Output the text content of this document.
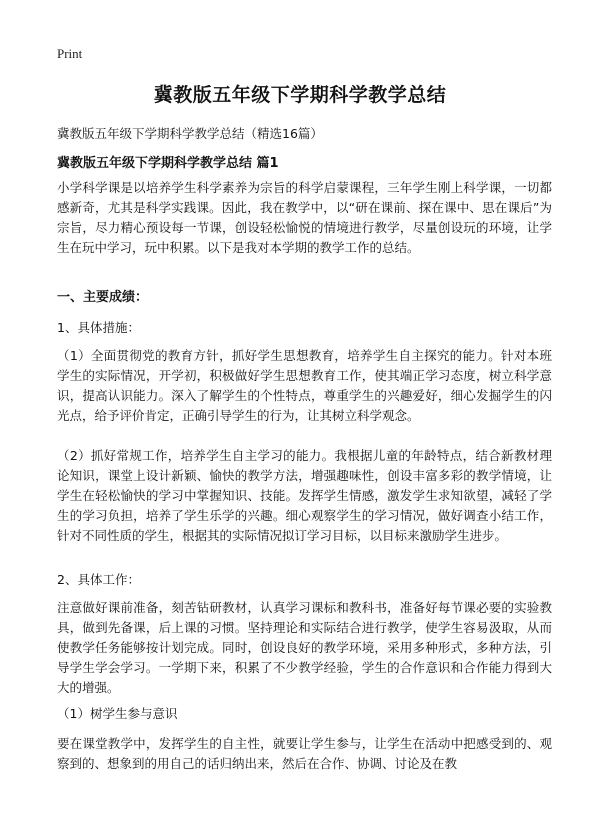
Print
冀教版五年级下学期科学教学总结
冀教版五年级下学期科学教学总结（精选16篇）
冀教版五年级下学期科学教学总结 篇1

小学科学课是以培养学生科学素养为宗旨的科学启蒙课程，三年学生刚上科学课，一切都感新奇，尤其是科学实践课。因此，我在教学中，以“研在课前、探在课中、思在课后”为宗旨，尽力精心预设每一节课，创设轻松愉悦的情境进行教学，尽量创设玩的环境，让学生在玩中学习，玩中积累。以下是我对本学期的教学工作的总结。

一、主要成绩：
1、具体措施：

（1）全面贯彻党的教育方针，抓好学生思想教育，培养学生自主探究的能力。针对本班学生的实际情况，开学初，积极做好学生思想教育工作，使其端正学习态度，树立科学意识，提高认识能力。深入了解学生的个性特点，尊重学生的兴趣爱好，细心发掘学生的闪光点，给予评价肯定，正确引导学生的行为，让其树立科学观念。

（2）抓好常规工作，培养学生自主学习的能力。我根据儿童的年龄特点，结合新教材理论知识，课堂上设计新颖、愉快的教学方法，增强趣味性，创设丰富多彩的教学情境，让学生在轻松愉快的学习中掌握知识、技能。发挥学生情感，激发学生求知欲望，减轻了学生的学习负担，培养了学生乐学的兴趣。细心观察学生的学习情况，做好调查小结工作，针对不同性质的学生，根据其的实际情况拟订学习目标，以目标来激励学生进步。

2、具体工作：

注意做好课前准备，刻苦钻研教材，认真学习课标和教科书，准备好每节课必要的实验教具，做到先备课，后上课的习惯。坚持理论和实际结合进行教学，使学生容易汲取，从而使教学任务能够按计划完成。同时，创设良好的教学环境，采用多种形式，多种方法，引导学生学会学习。一学期下来，积累了不少教学经验，学生的合作意识和合作能力得到大大的增强。

（1）树学生参与意识

要在课堂教学中，发挥学生的自主性，就要让学生参与，让学生在活动中把感受到的、观察到的、想象到的用自己的话归纳出来，然后在合作、协调、讨论及在教
